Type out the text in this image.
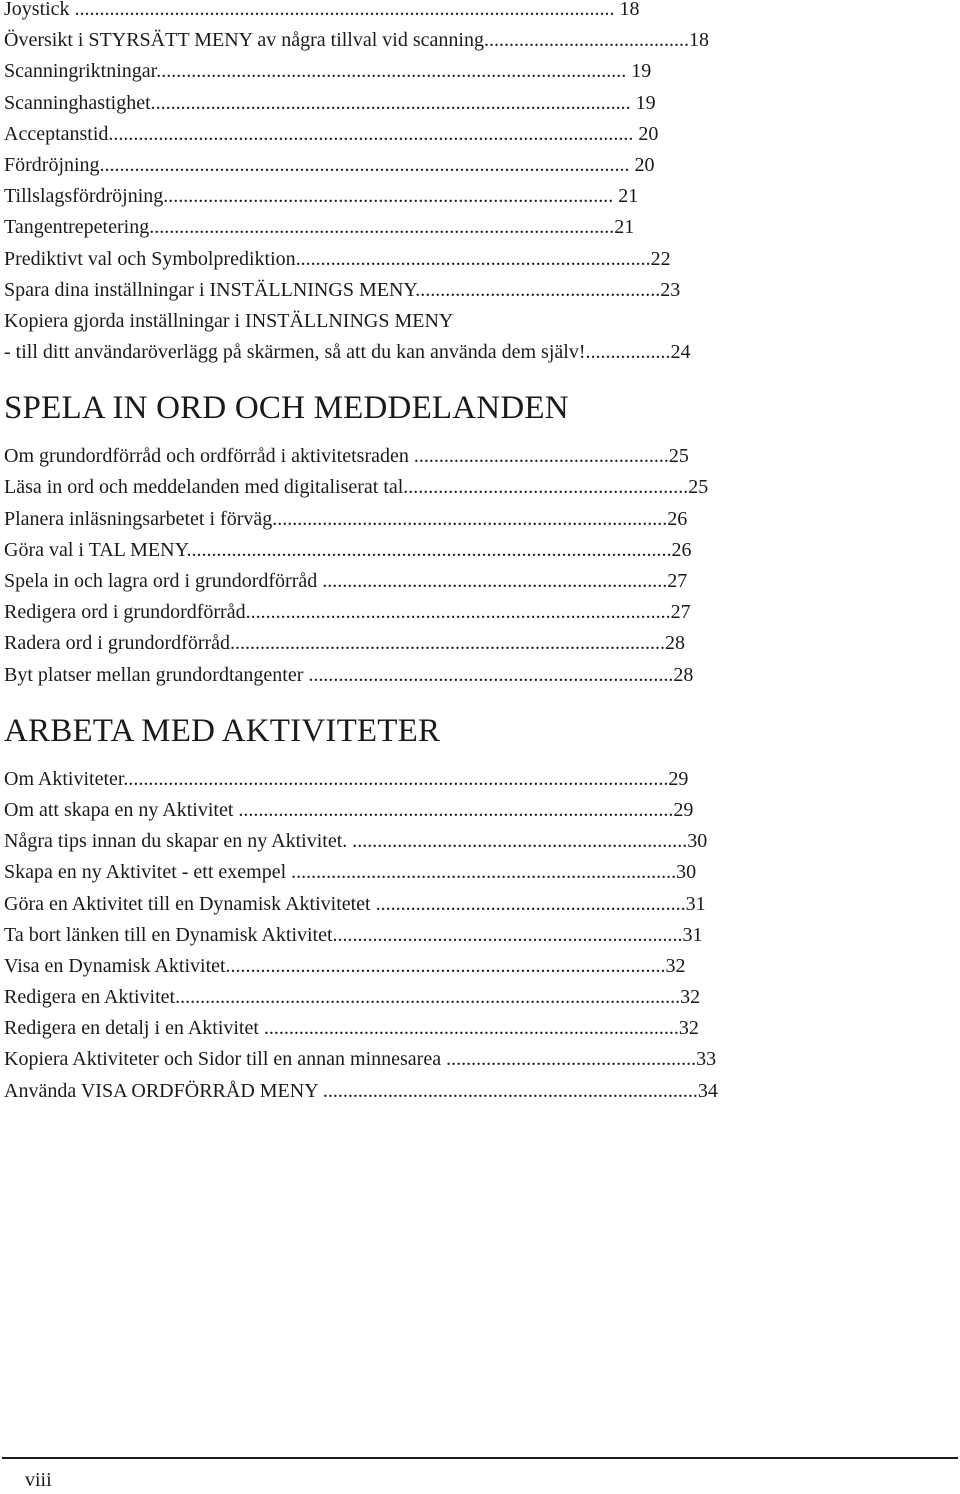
Joystick ............................................................................................................ 18
Översikt i STYRSÄTT MENY av några tillval vid scanning.........................................18
Scanningriktningar.............................................................................................. 19
Scanninghastighet................................................................................................ 19
Acceptanstid......................................................................................................... 20
Fördröjning.......................................................................................................... 20
Tillslagsfördröjning.......................................................................................... 21
Tangentrepetering.............................................................................................21
Prediktivt val och Symbolprediktion.......................................................................22
Spara dina inställningar i INSTÄLLNINGS MENY.................................................23
Kopiera gjorda inställningar i INSTÄLLNINGS MENY
- till ditt användaröverlägg på skärmen, så att du kan använda dem själv!.................24
SPELA IN ORD OCH MEDDELANDEN
Om grundordförråd och ordförråd i aktivitetsraden ...................................................25
Läsa in ord och meddelanden med digitaliserat tal.........................................................25
Planera inläsningsarbetet i förväg...............................................................................26
Göra val i TAL MENY.................................................................................................26
Spela in och lagra ord i grundordförråd .....................................................................27
Redigera ord i grundordförråd.....................................................................................27
Radera ord i grundordförråd.......................................................................................28
Byt platser mellan grundordtangenter .........................................................................28
ARBETA MED AKTIVITETER
Om Aktiviteter.............................................................................................................29
Om att skapa en ny Aktivitet .......................................................................................29
Några tips innan du skapar en ny Aktivitet. ...................................................................30
Skapa en ny Aktivitet - ett exempel .............................................................................30
Göra en Aktivitet till en Dynamisk Aktivitetet ..............................................................31
Ta bort länken till en Dynamisk Aktivitet......................................................................31
Visa en Dynamisk Aktivitet........................................................................................32
Redigera en Aktivitet.....................................................................................................32
Redigera en detalj i en Aktivitet ...................................................................................32
Kopiera Aktiviteter och Sidor till en annan minnesarea ..................................................33
Använda VISA ORDFÖRRÅD MENY ...........................................................................34
viii
